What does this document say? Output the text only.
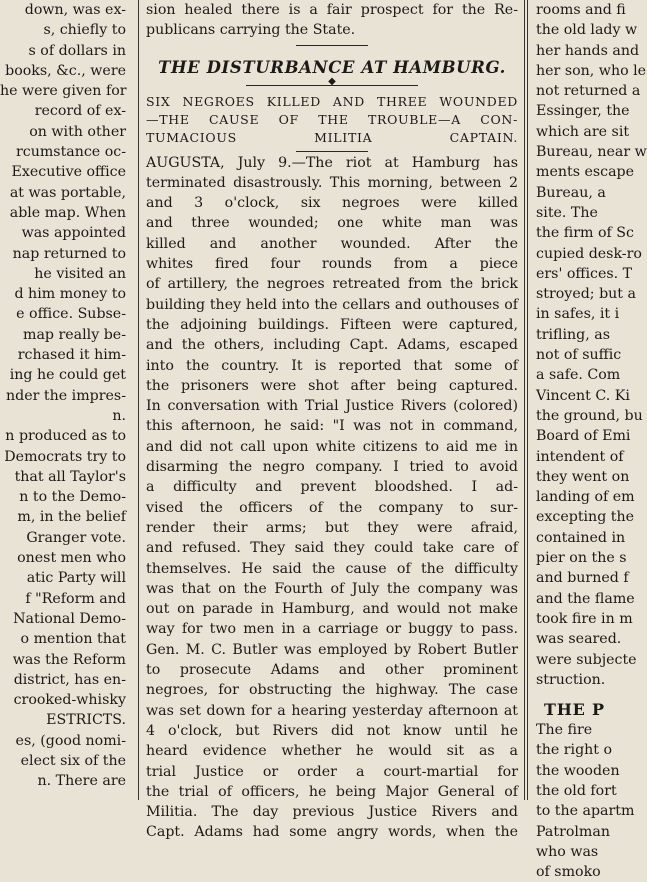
down, was ex-
s, chiefly to
s of dollars in
books, &c., were
he were given for
record of ex-
on with other
rcumstance oc-
Executive office
at was portable,
able map. When
was appointed
nap returned to
he visited an
d him money to
e office. Subse-
map really be-
rchased it him-
ing he could get
nder the impres-
n.
n produced as to
Democrats try to
that all Taylor's
n to the Demo-
m, in the belief
Granger vote.
onest men who
atic Party will
f "Reform and
National Demo-
o mention that
was the Reform
district, has en-
crooked-whisky
ESTRICTS.
es, (good nomi-
elect six of the
n. There are
sion healed there is a fair prospect for the Re-
publicans carrying the State.
THE DISTURBANCE AT HAMBURG.
◆
SIX NEGROES KILLED AND THREE WOUNDED
—THE CAUSE OF THE TROUBLE—A CON-
TUMACIOUS MILITIA CAPTAIN.
AUGUSTA, July 9.—The riot at Hamburg has
terminated disastrously. This morning, between 2
and 3 o'clock, six negroes were killed
and three wounded; one white man was
killed and another wounded. After the
whites fired four rounds from a piece
of artillery, the negroes retreated from the brick
building they held into the cellars and outhouses of
the adjoining buildings. Fifteen were captured,
and the others, including Capt. Adams, escaped
into the country. It is reported that some of
the prisoners were shot after being captured.
In conversation with Trial Justice Rivers (colored)
this afternoon, he said: "I was not in command,
and did not call upon white citizens to aid me in
disarming the negro company. I tried to avoid
a difficulty and prevent bloodshed. I ad-
vised the officers of the company to sur-
render their arms; but they were afraid,
and refused. They said they could take care of
themselves. He said the cause of the difficulty
was that on the Fourth of July the company was
out on parade in Hamburg, and would not make
way for two men in a carriage or buggy to pass.
Gen. M. C. Butler was employed by Robert Butler
to prosecute Adams and other prominent
negroes, for obstructing the highway. The case
was set down for a hearing yesterday afternoon at
4 o'clock, but Rivers did not know until he
heard evidence whether he would sit as a
trial Justice or order a court-martial for
the trial of officers, he being Major General of
Militia. The day previous Justice Rivers and
Capt. Adams had some angry words, when the
rooms and fi
the old lady w
her hands and
her son, who le
not returned a
Essinger, the
which are sit
Bureau, near w
ments escape
Bureau, a
site. The
the firm of Sc
cupied desk-ro
ers' offices. T
stroyed; but a
in safes, it i
trifling, as
not of suffic
a safe. Com
Vincent C. Ki
the ground, bu
Board of Emi
intendent of
they went on
landing of em
excepting the
contained in
pier on the s
and burned f
and the flame
took fire in m
was seared.
were subjecte
struction.
THE P
The fire
the right o
the wooden
the old fort
to the apartm
Patrolman
who was
of smoko
